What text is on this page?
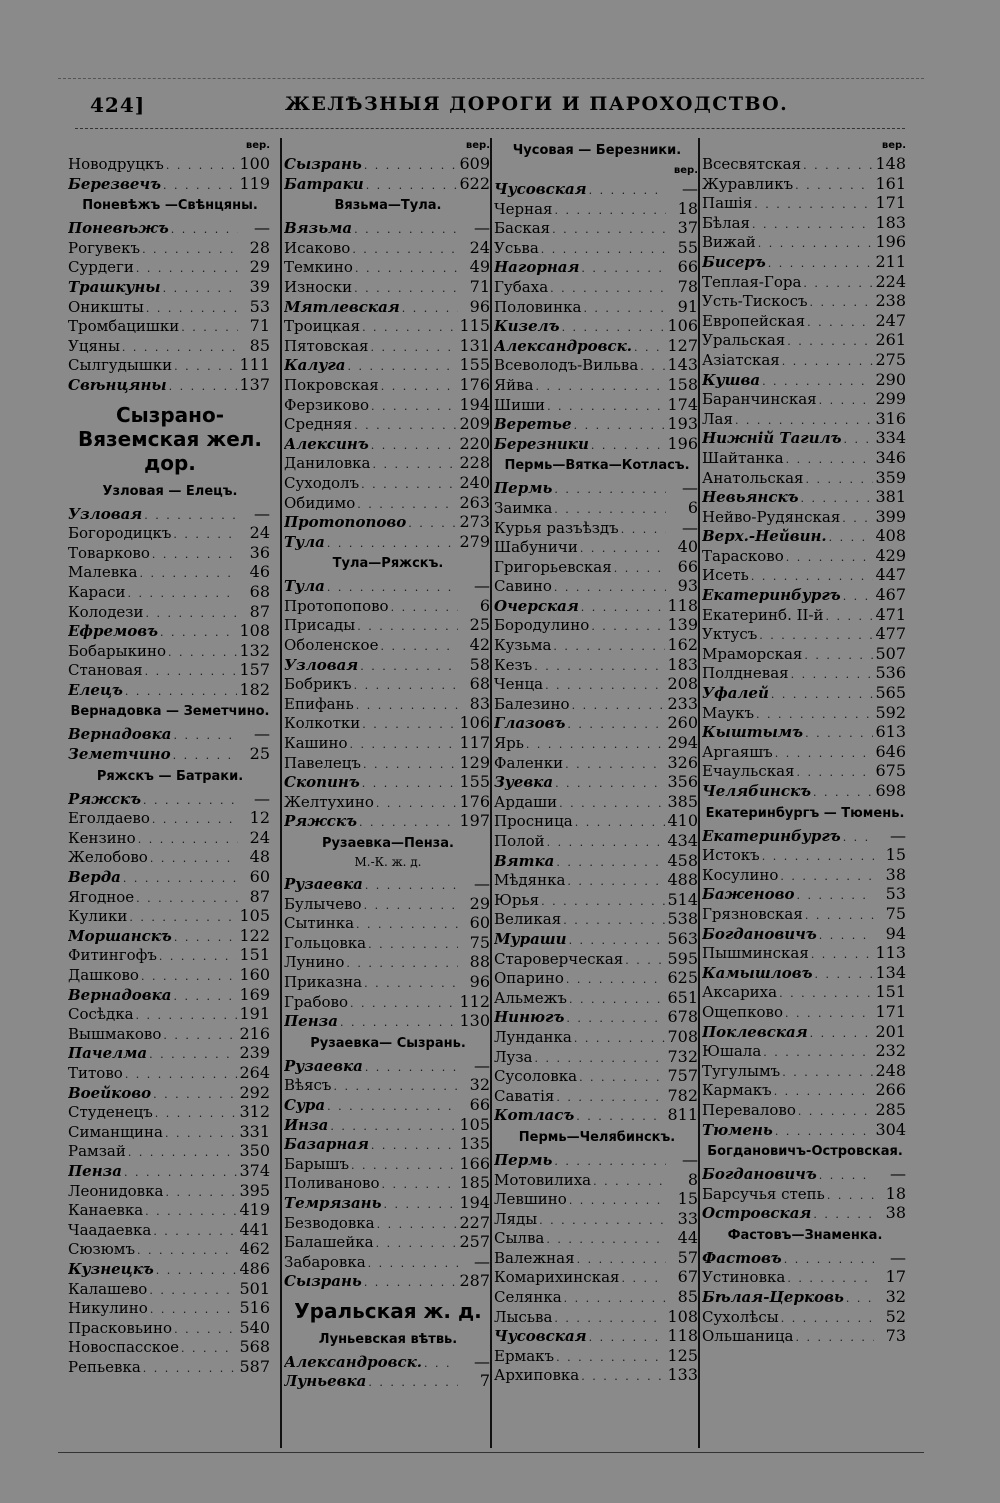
424]	ЖЕЛѢЗНЫЯ ДОРОГИ И ПАРОХОДСТВО.
вер.
Новодруцкъ . . .	100
Березвечъ . . .	119
Поневѣжъ —Свѣнцяны.
Поневѣжъ . . .	—
Рогувекъ . . .	28
Сурдеги . . .	29
Трашкуны . . .	39
Оникшты . . .	53
Тромбацишки . . .	71
Уцяны . . .	85
Сылгудышки . . .	111
Свѣнцяны . . .	137
Сызрано-Вяземская жел. дор.
Узловая — Елецъ.
Узловая . . .	—
Богородицкъ . . .	24
Товарково . . .	36
Малевка . . .	46
Караси . . .	68
Колодези . . .	87
Ефремовъ . . .	108
Бобарыкино . . .	132
Становая . . .	157
Елецъ . . .	182
Вернадовка — Земетчино.
Вернадовка . . .	—
Земетчино . . .	25
Ряжскъ — Батраки.
Ряжскъ . . .	—
Еголдаево . . .	12
Кензино . . .	24
Желобово . . .	48
Верда . . .	60
Ягодное . . .	87
Кулики . . .	105
Моршанскъ . . .	122
Фитингофъ . . .	151
Дашково . . .	160
Вернадовка . . .	169
Сосѣдка . . .	191
Вышмаково . . .	216
Пачелма . . .	239
Титово . . .	264
Воейково . . .	292
Студенецъ . . .	312
Симанщина . . .	331
Рамзай . . .	350
Пенза . . .	374
Леонидовка . . .	395
Канаевка . . .	419
Чаадаевка . . .	441
Сюзюмъ . . .	462
Кузнецкъ . . .	486
Калашево . . .	501
Никулино . . .	516
Прасковьино . . .	540
Новоспасское . . .	568
Репьевка . . .	587
вер.
Сызрань . . .	609
Батраки . . .	622
Вязьма—Тула.
Вязьма . . .	—
Исаково . . .	24
Темкино . . .	49
Износки . . .	71
Мятлевская . . .	96
Троицкая . . .	115
Пятовская . . .	131
Калуга . . .	155
Покровская . . .	176
Ферзиково . . .	194
Средняя . . .	209
Алексинъ . . .	220
Даниловка . . .	228
Суходолъ . . .	240
Обидимо . . .	263
Протопопово . . .	273
Тула . . .	279
Тула—Ряжскъ.
Тула . . .	—
Протопопово . . .	6
Присады . . .	25
Оболенское . . .	42
Узловая . . .	58
Бобрикъ . . .	68
Епифань . . .	83
Колкотки . . .	106
Кашино . . .	117
Павелецъ . . .	129
Скопинъ . . .	155
Желтухино . . .	176
Ряжскъ . . .	197
Рузаевка—Пенза.
М.-К. ж. д.
Рузаевка . . .	—
Булычево . . .	29
Сытинка . . .	60
Гольцовка . . .	75
Лунино . . .	88
Приказна . . .	96
Грабово . . .	112
Пенза . . .	130
Рузаевка— Сызрань.
Рузаевка . . .	—
Вѣясъ . . .	32
Сура . . .	66
Инза . . .	105
Базарная . . .	135
Барышъ . . .	166
Поливаново . . .	185
Темрязань . . .	194
Безводовка . . .	227
Балашейка . . .	257
Забаровка . . .	—
Сызрань . . .	287
Уральская ж. д.
Луньевская вѣтвь.
Александровск. . . .	—
Луньевка . . .	7
Чусовая — Березники.
вер.
Чусовская . . .	—
Черная . . .	18
Баская . . .	37
Усьва . . .	55
Нагорная . . .	66
Губаха . . .	78
Половинка . . .	91
Кизелъ . . .	106
Александровск. . . . 127
Всеволодъ-Вильва . . . 143
Яйва . . .	158
Шиши . . .	174
Веретье . . .	193
Березники . . .	196
Пермь—Вятка—Котласъ.
Пермь . . .	—
Заимка . . .	6
Курья разъѣздъ . . .	—
Шабуничи . . .	40
Григорьевская . . .	66
Савино . . .	93
Очерская . . .	118
Бородулино . . .	139
Кузьма . . .	162
Кезъ . . .	183
Ченца . . .	208
Балезино . . .	233
Глазовъ . . .	260
Ярь . . .	294
Фаленки . . .	326
Зуевка . . .	356
Ардаши . . .	385
Просница . . .	410
Полой . . .	434
Вятка . . .	458
Мѣдянка . . .	488
Юрья . . .	514
Великая . . .	538
Мураши . . .	563
Староверческая . . .	595
Опарино . . .	625
Альмежъ . . .	651
Нинюгъ . . .	678
Лунданка . . .	708
Луза . . .	732
Сусоловка . . .	757
Саватія . . .	782
Котласъ . . .	811
Пермь—Челябинскъ.
Пермь . . .	—
Мотовилиха . . .	8
Левшино . . .	15
Ляды . . .	33
Сылва . . .	44
Валежная . . .	57
Комарихинская . . .	67
Селянка . . .	85
Лысьва . . .	108
Чусовская . . .	118
Ермакъ . . .	125
Архиповка . . .	133
вер.
Всесвятская . . .	148
Журавликъ . . .	161
Пашія . . .	171
Бѣлая . . .	183
Вижай . . .	196
Бисеръ . . .	211
Теплая-Гора . . .	224
Усть-Тискосъ . . .	238
Европейская . . .	247
Уральская . . .	261
Азіатская . . .	275
Кушва . . .	290
Баранчинская . . .	299
Лая . . .	316
Нижній Тагилъ . . . 334
Шайтанка . . .	346
Анатольская . . .	359
Невьянскъ . . .	381
Нейво-Рудянская . . . 399
Верх.-Нейвин. . . .	408
Тарасково . . .	429
Исеть . . .	447
Екатеринбургъ . . . 467
Екатеринб. II-й . . .	471
Уктусъ . . .	477
Мраморская . . .	507
Полдневая . . .	536
Уфалей . . .	565
Маукъ . . .	592
Кыштымъ . . .	613
Аргаяшъ . . .	646
Ечаульская . . .	675
Челябинскъ . . .	698
Екатеринбургъ — Тюмень.
Екатеринбургъ . . .	—
Истокъ . . .	15
Косулино . . .	38
Баженово . . .	53
Грязновская . . .	75
Богдановичъ . . .	94
Пышминская . . .	113
Камышловъ . . .	134
Аксариха . . .	151
Ощепково . . .	171
Поклевская . . .	201
Юшала . . .	232
Тугулымъ . . .	248
Кармакъ . . .	266
Перевалово . . .	285
Тюмень . . .	304
Богдановичъ-Островская.
Богдановичъ . . .	—
Барсучья степь . . .	18
Островская . . .	38
Фастовъ—Знаменка.
Фастовъ . . .	—
Устиновка . . .	17
Бѣлая-Церковь . . .	32
Сухолѣсы . . .	52
Ольшаница . . .	73
